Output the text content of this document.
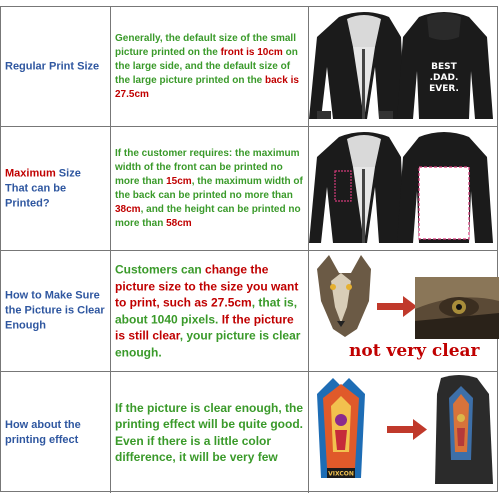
Regular Print Size
Generally, the default size of the small picture printed on the front is 10cm on the large side, and the default size of the large picture printed on the back is 27.5cm
BEST
.DAD.
EVER.
Maximum Size That can be Printed?
If the customer requires: the maximum width of the front can be printed no more than 15cm, the maximum width of the back can be printed no more than 38cm, and the height can be printed no more than 58cm
How to Make Sure the Picture is Clear Enough
Customers can change the picture size to the size you want to print, such as 27.5cm, that is, about 1040 pixels. If the picture is still clear, your picture is clear enough.	not very clear
How about the printing effect
If the picture is clear enough, the printing effect will be quite good. Even if there is a little color difference, it will be very few
VIXCON
